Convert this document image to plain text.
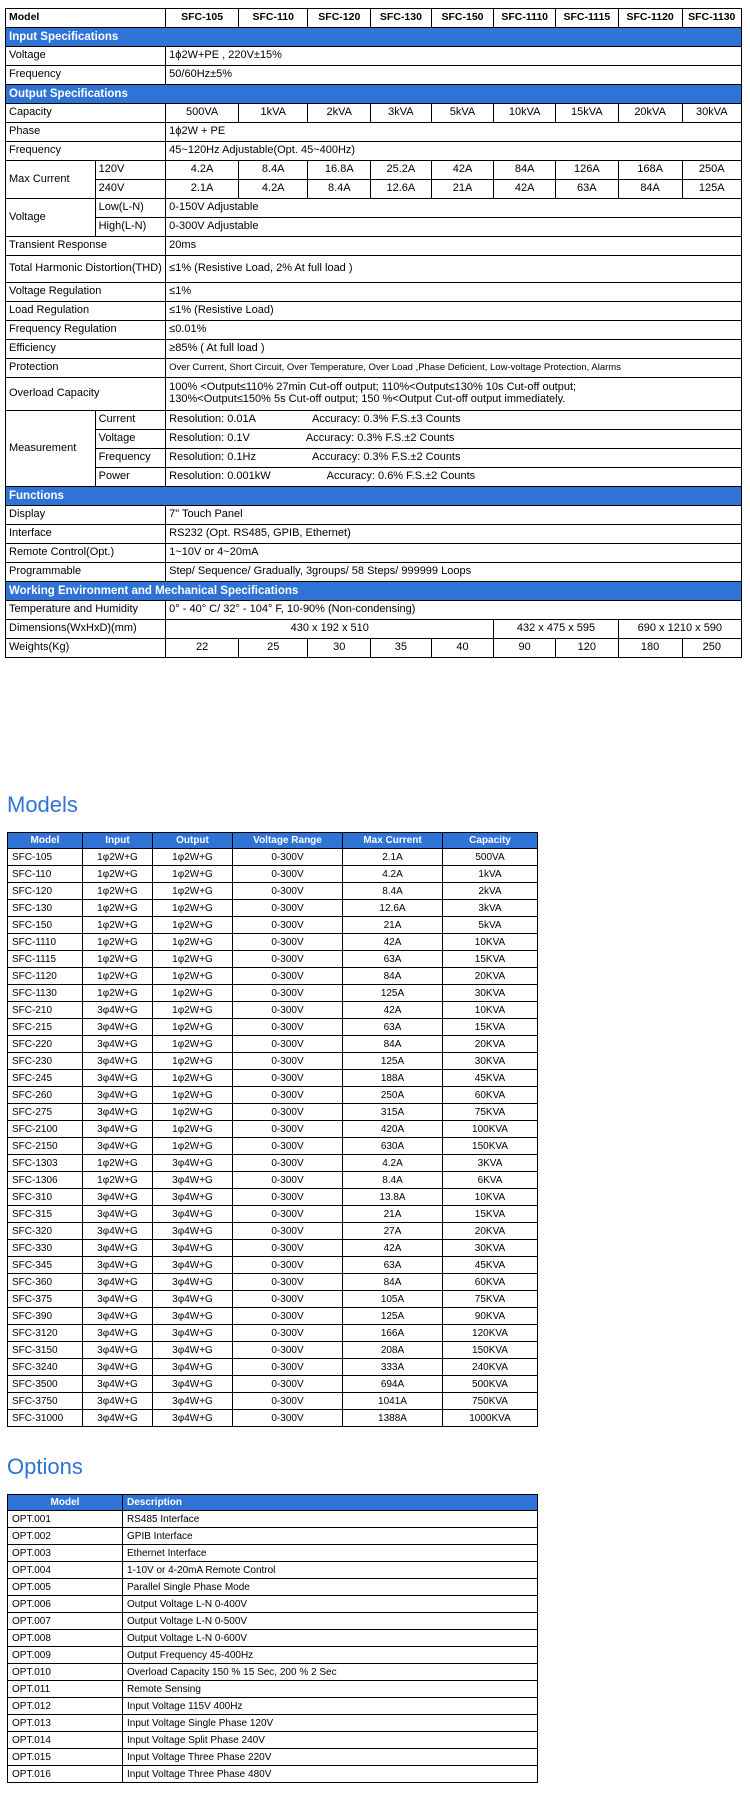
Model		SFC-105	SFC-110	SFC-120	SFC-130	SFC-150	SFC-1110	SFC-1115	SFC-1120	SFC-1130
Input Specifications										
Voltage		1ϕ2W+PE , 220V±15%								
Frequency		50/60Hz±5%								
Output Specifications										
Capacity		500VA	1kVA	2kVA	3kVA	5kVA	10kVA	15kVA	20kVA	30kVA
Phase		1ϕ2W + PE								
Frequency		45~120Hz Adjustable(Opt. 45~400Hz)								
Max Current	120V	4.2A	8.4A	16.8A	25.2A	42A	84A	126A	168A	250A
	240V	2.1A	4.2A	8.4A	12.6A	21A	42A	63A	84A	125A
Voltage	Low(L-N)	0-150V Adjustable								
	High(L-N)	0-300V Adjustable								
Transient Response		20ms								
Total Harmonic Distortion(THD)		≤1% (Resistive Load, 2% At full load )								
Voltage Regulation		≤1%								
Load Regulation		≤1% (Resistive Load)								
Frequency Regulation		≤0.01%								
Efficiency		≥85% ( At full load )								
Protection		Over Current, Short Circuit, Over Temperature, Over Load ,Phase Deficient, Low-voltage Protection, Alarms								
Overload Capacity		100% <Output≤110% 27min Cut-off output; 110%<Output≤130% 10s Cut-off output;
130%<Output≤150% 5s Cut-off output; 150 %<Output Cut-off output immediately.								

Measurement	Current	Resolution: 0.01A Accuracy: 0.3% F.S.±3 Counts								
	Voltage	Resolution: 0.1V Accuracy: 0.3% F.S.±2 Counts								
	Frequency	Resolution: 0.1Hz Accuracy: 0.3% F.S.±2 Counts								
	Power	Resolution: 0.001kW Accuracy: 0.6% F.S.±2 Counts								
Functions										
Display		7" Touch Panel								
Interface		RS232 (Opt. RS485, GPIB, Ethernet)								
Remote Control(Opt.)		1~10V or 4~20mA								
Programmable		Step/ Sequence/ Gradually, 3groups/ 58 Steps/ 999999 Loops								
Working Environment and Mechanical Specifications										
Temperature and Humidity		0° - 40° C/ 32° - 104° F, 10-90% (Non-condensing)								
Dimensions(WxHxD)(mm)		430 x 192 x 510					432 x 475 x 595		690 x 1210 x 590	
Weights(Kg)		22	25	30	35	40	90	120	180	250
Models
Model	Input	Output	Voltage Range	Max Current	Capacity
SFC-105	1φ2W+G	1φ2W+G	0-300V	2.1A	500VA
SFC-110	1φ2W+G	1φ2W+G	0-300V	4.2A	1kVA
SFC-120	1φ2W+G	1φ2W+G	0-300V	8.4A	2kVA
SFC-130	1φ2W+G	1φ2W+G	0-300V	12.6A	3kVA
SFC-150	1φ2W+G	1φ2W+G	0-300V	21A	5kVA
SFC-1110	1φ2W+G	1φ2W+G	0-300V	42A	10KVA
SFC-1115	1φ2W+G	1φ2W+G	0-300V	63A	15KVA
SFC-1120	1φ2W+G	1φ2W+G	0-300V	84A	20KVA
SFC-1130	1φ2W+G	1φ2W+G	0-300V	125A	30KVA
SFC-210	3φ4W+G	1φ2W+G	0-300V	42A	10KVA
SFC-215	3φ4W+G	1φ2W+G	0-300V	63A	15KVA
SFC-220	3φ4W+G	1φ2W+G	0-300V	84A	20KVA
SFC-230	3φ4W+G	1φ2W+G	0-300V	125A	30KVA
SFC-245	3φ4W+G	1φ2W+G	0-300V	188A	45KVA
SFC-260	3φ4W+G	1φ2W+G	0-300V	250A	60KVA
SFC-275	3φ4W+G	1φ2W+G	0-300V	315A	75KVA
SFC-2100	3φ4W+G	1φ2W+G	0-300V	420A	100KVA
SFC-2150	3φ4W+G	1φ2W+G	0-300V	630A	150KVA
SFC-1303	1φ2W+G	3φ4W+G	0-300V	4.2A	3KVA
SFC-1306	1φ2W+G	3φ4W+G	0-300V	8.4A	6KVA
SFC-310	3φ4W+G	3φ4W+G	0-300V	13.8A	10KVA
SFC-315	3φ4W+G	3φ4W+G	0-300V	21A	15KVA
SFC-320	3φ4W+G	3φ4W+G	0-300V	27A	20KVA
SFC-330	3φ4W+G	3φ4W+G	0-300V	42A	30KVA
SFC-345	3φ4W+G	3φ4W+G	0-300V	63A	45KVA
SFC-360	3φ4W+G	3φ4W+G	0-300V	84A	60KVA
SFC-375	3φ4W+G	3φ4W+G	0-300V	105A	75KVA
SFC-390	3φ4W+G	3φ4W+G	0-300V	125A	90KVA
SFC-3120	3φ4W+G	3φ4W+G	0-300V	166A	120KVA
SFC-3150	3φ4W+G	3φ4W+G	0-300V	208A	150KVA
SFC-3240	3φ4W+G	3φ4W+G	0-300V	333A	240KVA
SFC-3500	3φ4W+G	3φ4W+G	0-300V	694A	500KVA
SFC-3750	3φ4W+G	3φ4W+G	0-300V	1041A	750KVA
SFC-31000	3φ4W+G	3φ4W+G	0-300V	1388A	1000KVA
Options
Model	Description
OPT.001	RS485 Interface
OPT.002	GPIB Interface
OPT.003	Ethernet Interface
OPT.004	1-10V or 4-20mA Remote Control
OPT.005	Parallel Single Phase Mode
OPT.006	Output Voltage L-N 0-400V
OPT.007	Output Voltage L-N 0-500V
OPT.008	Output Voltage L-N 0-600V
OPT.009	Output Frequency 45-400Hz
OPT.010	Overload Capacity 150 % 15 Sec, 200 % 2 Sec
OPT.011	Remote Sensing
OPT.012	Input Voltage 115V 400Hz
OPT.013	Input Voltage Single Phase 120V
OPT.014	Input Voltage Split Phase 240V
OPT.015	Input Voltage Three Phase 220V
OPT.016	Input Voltage Three Phase 480V
